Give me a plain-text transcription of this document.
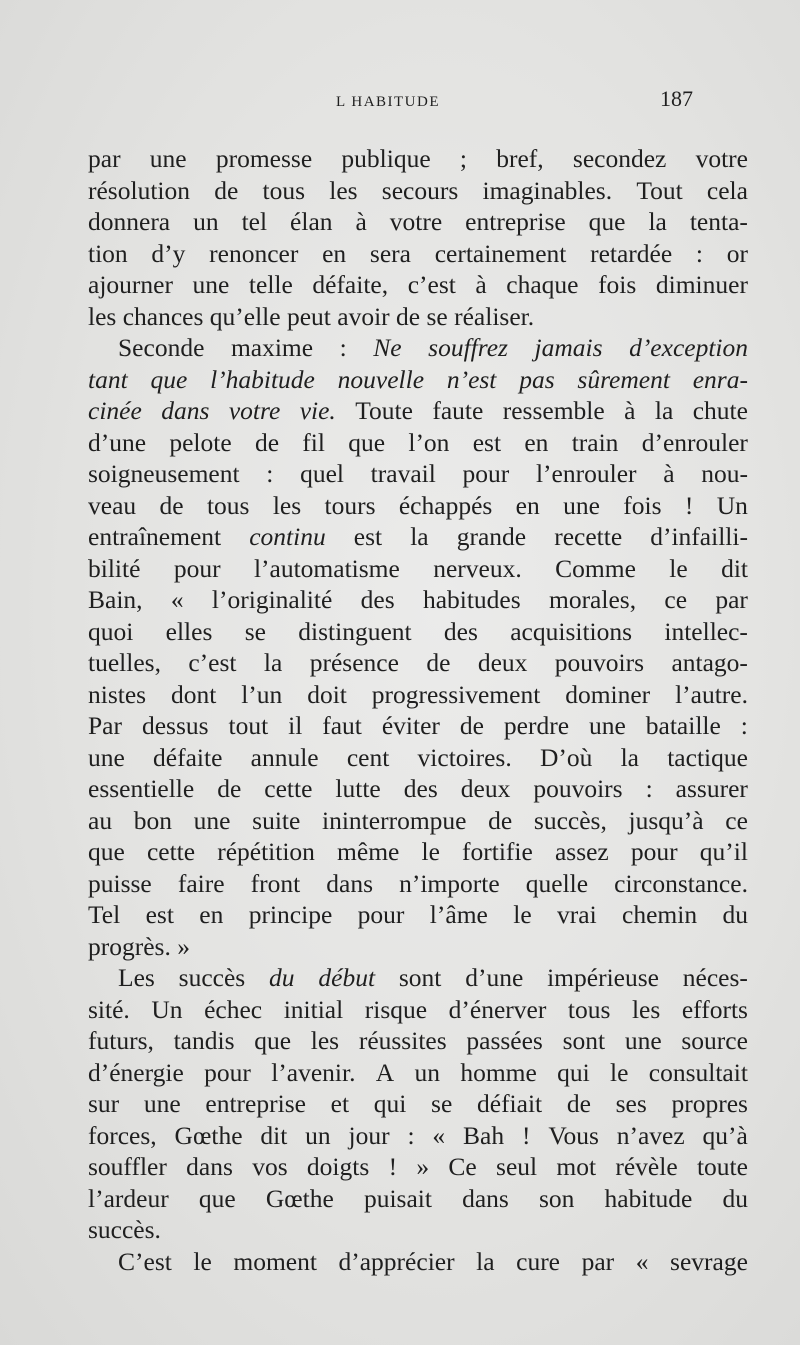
L HABITUDE	187
par une promesse publique ; bref, secondez votre
résolution de tous les secours imaginables. Tout cela
donnera un tel élan à votre entreprise que la tenta-
tion d’y renoncer en sera certainement retardée : or
ajourner une telle défaite, c’est à chaque fois diminuer
les chances qu’elle peut avoir de se réaliser.
Seconde maxime : Ne souffrez jamais d’exception
tant que l’habitude nouvelle n’est pas sûrement enra-
cinée dans votre vie. Toute faute ressemble à la chute
d’une pelote de fil que l’on est en train d’enrouler
soigneusement : quel travail pour l’enrouler à nou-
veau de tous les tours échappés en une fois ! Un
entraînement continu est la grande recette d’infailli-
bilité pour l’automatisme nerveux. Comme le dit
Bain, « l’originalité des habitudes morales, ce par
quoi elles se distinguent des acquisitions intellec-
tuelles, c’est la présence de deux pouvoirs antago-
nistes dont l’un doit progressivement dominer l’autre.
Par dessus tout il faut éviter de perdre une bataille :
une défaite annule cent victoires. D’où la tactique
essentielle de cette lutte des deux pouvoirs : assurer
au bon une suite ininterrompue de succès, jusqu’à ce
que cette répétition même le fortifie assez pour qu’il
puisse faire front dans n’importe quelle circonstance.
Tel est en principe pour l’âme le vrai chemin du
progrès. »
Les succès du début sont d’une impérieuse néces-
sité. Un échec initial risque d’énerver tous les efforts
futurs, tandis que les réussites passées sont une source
d’énergie pour l’avenir. A un homme qui le consultait
sur une entreprise et qui se défiait de ses propres
forces, Gœthe dit un jour : « Bah ! Vous n’avez qu’à
souffler dans vos doigts ! » Ce seul mot révèle toute
l’ardeur que Gœthe puisait dans son habitude du
succès.
C’est le moment d’apprécier la cure par « sevrage
